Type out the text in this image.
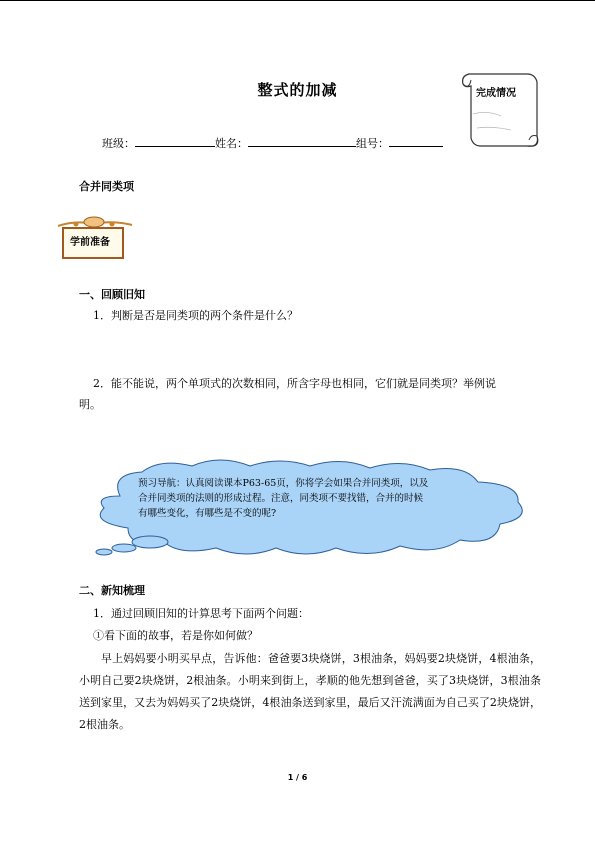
整式的加减	完成情况
班级：	姓名：	组号：
合并同类项
学前准备
一、回顾旧知
1．判断是否是同类项的两个条件是什么？
2．能不能说，两个单项式的次数相同，所含字母也相同，它们就是同类项？举例说
明。
预习导航：认真阅读课本P63-65页，你将学会如果合并同类项，以及合并同类项的法则的形成过程。注意，同类项不要找错，合并的时候有哪些变化，有哪些是不变的呢?
二、新知梳理
1．通过回顾旧知的计算思考下面两个问题：
①看下面的故事，若是你如何做？
早上妈妈要小明买早点，告诉他：爸爸要3块烧饼，3根油条，妈妈要2块烧饼，4根油条，小明自己要2块烧饼，2根油条。小明来到街上，孝顺的他先想到爸爸，买了3块烧饼，3根油条送到家里，又去为妈妈买了2块烧饼，4根油条送到家里，最后又汗流满面为自己买了2块烧饼，2根油条。
1 / 6
